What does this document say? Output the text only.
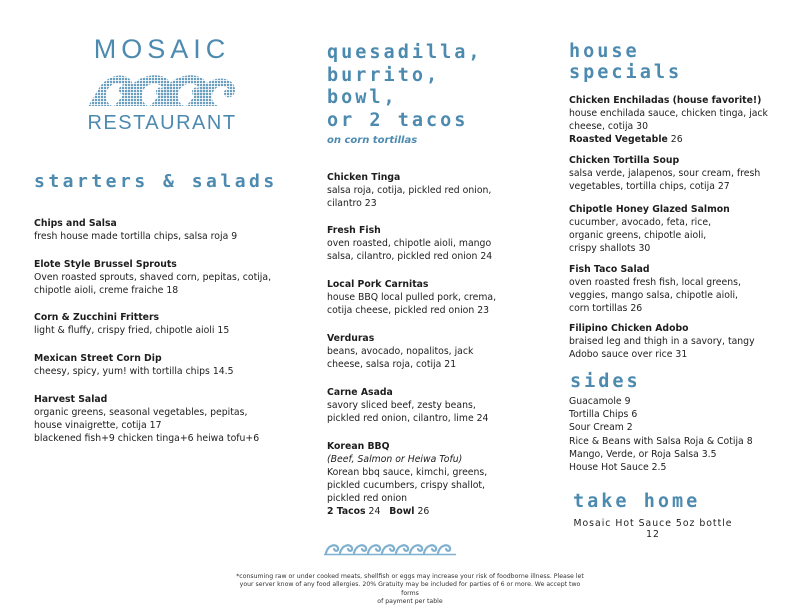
MOSAIC
RESTAURANT
starters & salads
Chips and Salsa
fresh house made tortilla chips, salsa roja 9
Elote Style Brussel Sprouts
Oven roasted sprouts, shaved corn, pepitas, cotija, chipotle aioli, creme fraiche 18
Corn & Zucchini Fritters
light & fluffy, crispy fried, chipotle aioli 15
Mexican Street Corn Dip
cheesy, spicy, yum! with tortilla chips 14.5
Harvest Salad
organic greens, seasonal vegetables, pepitas, house vinaigrette, cotija 17
blackened fish+9 chicken tinga+6 heiwa tofu+6
quesadilla,
burrito,
bowl,
or 2 tacos
on corn tortillas
Chicken Tinga
salsa roja, cotija, pickled red onion, cilantro 23
Fresh Fish
oven roasted, chipotle aioli, mango salsa, cilantro, pickled red onion 24
Local Pork Carnitas
house BBQ local pulled pork, crema, cotija cheese, pickled red onion 23
Verduras
beans, avocado, nopalitos, jack cheese, salsa roja, cotija 21
Carne Asada
savory sliced beef, zesty beans, pickled red onion, cilantro, lime 24
Korean BBQ
(Beef, Salmon or Heiwa Tofu)
Korean bbq sauce, kimchi, greens, pickled cucumbers, crispy shallot, pickled red onion
2 Tacos 24 Bowl 26
house
specials
Chicken Enchiladas (house favorite!)
house enchilada sauce, chicken tinga, jack cheese, cotija 30
Roasted Vegetable 26
Chicken Tortilla Soup
salsa verde, jalapenos, sour cream, fresh vegetables, tortilla chips, cotija 27
Chipotle Honey Glazed Salmon
cucumber, avocado, feta, rice, organic greens, chipotle aioli, crispy shallots 30
Fish Taco Salad
oven roasted fresh fish, local greens, veggies, mango salsa, chipotle aioli, corn tortillas 26
Filipino Chicken Adobo
braised leg and thigh in a savory, tangy Adobo sauce over rice 31
sides
Guacamole 9
Tortilla Chips 6
Sour Cream 2
Rice & Beans with Salsa Roja & Cotija 8
Mango, Verde, or Roja Salsa 3.5
House Hot Sauce 2.5
take home
Mosaic Hot Sauce 5oz bottle
12
*consuming raw or under cooked meats, shellfish or eggs may increase your risk of foodborne illness. Please let
your server know of any food allergies. 20% Gratuity may be included for parties of 6 or more. We accept two forms
of payment per table
